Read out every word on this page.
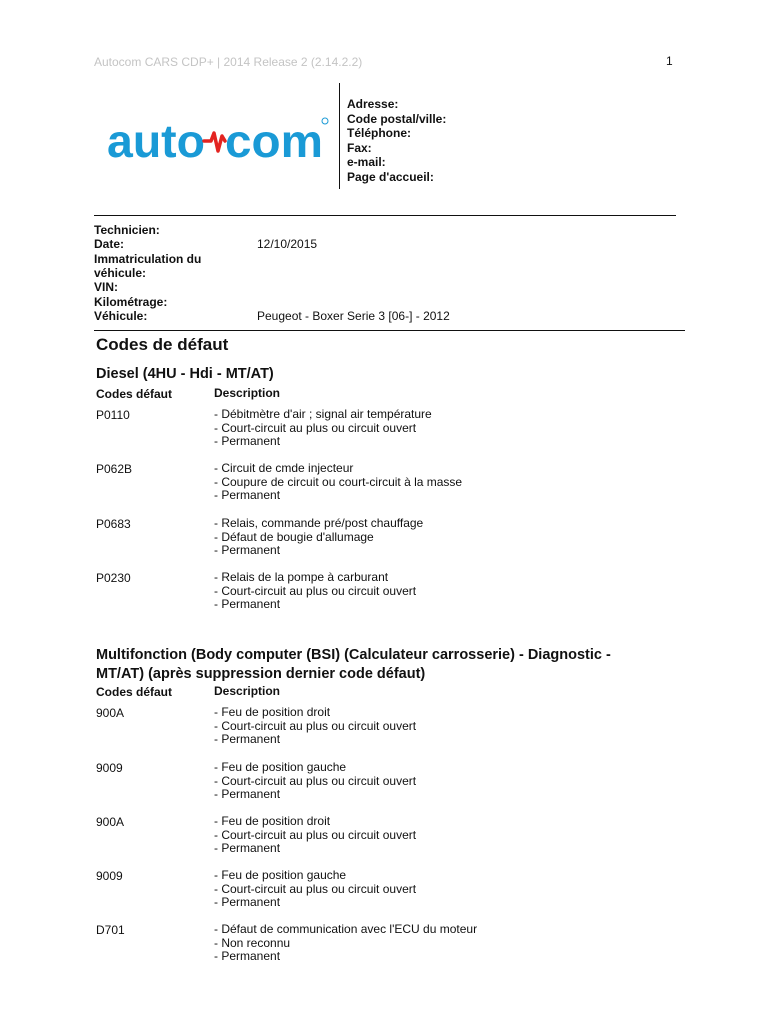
Autocom CARS CDP+ | 2014 Release 2 (2.14.2.2)	1
auto com
Adresse:
Code postal/ville:
Téléphone:
Fax:
e-mail:
Page d'accueil:
Technicien:
Date:	12/10/2015
Immatriculation du
véhicule:
VIN:
Kilométrage:
Véhicule:	Peugeot - Boxer Serie 3 [06-] - 2012
Codes de défaut
Diesel (4HU - Hdi - MT/AT)
Codes défaut	Description
P0110	- Débitmètre d'air ; signal air température
- Court-circuit au plus ou circuit ouvert
- Permanent
P062B	- Circuit de cmde injecteur
- Coupure de circuit ou court-circuit à la masse
- Permanent
P0683	- Relais, commande pré/post chauffage
- Défaut de bougie d'allumage
- Permanent
P0230	- Relais de la pompe à carburant
- Court-circuit au plus ou circuit ouvert
- Permanent
Multifonction (Body computer (BSI) (Calculateur carrosserie) - Diagnostic -
MT/AT) (après suppression dernier code défaut)
Codes défaut	Description
900A	- Feu de position droit
- Court-circuit au plus ou circuit ouvert
- Permanent
9009	- Feu de position gauche
- Court-circuit au plus ou circuit ouvert
- Permanent
900A	- Feu de position droit
- Court-circuit au plus ou circuit ouvert
- Permanent
9009	- Feu de position gauche
- Court-circuit au plus ou circuit ouvert
- Permanent
D701	- Défaut de communication avec l'ECU du moteur
- Non reconnu
- Permanent
